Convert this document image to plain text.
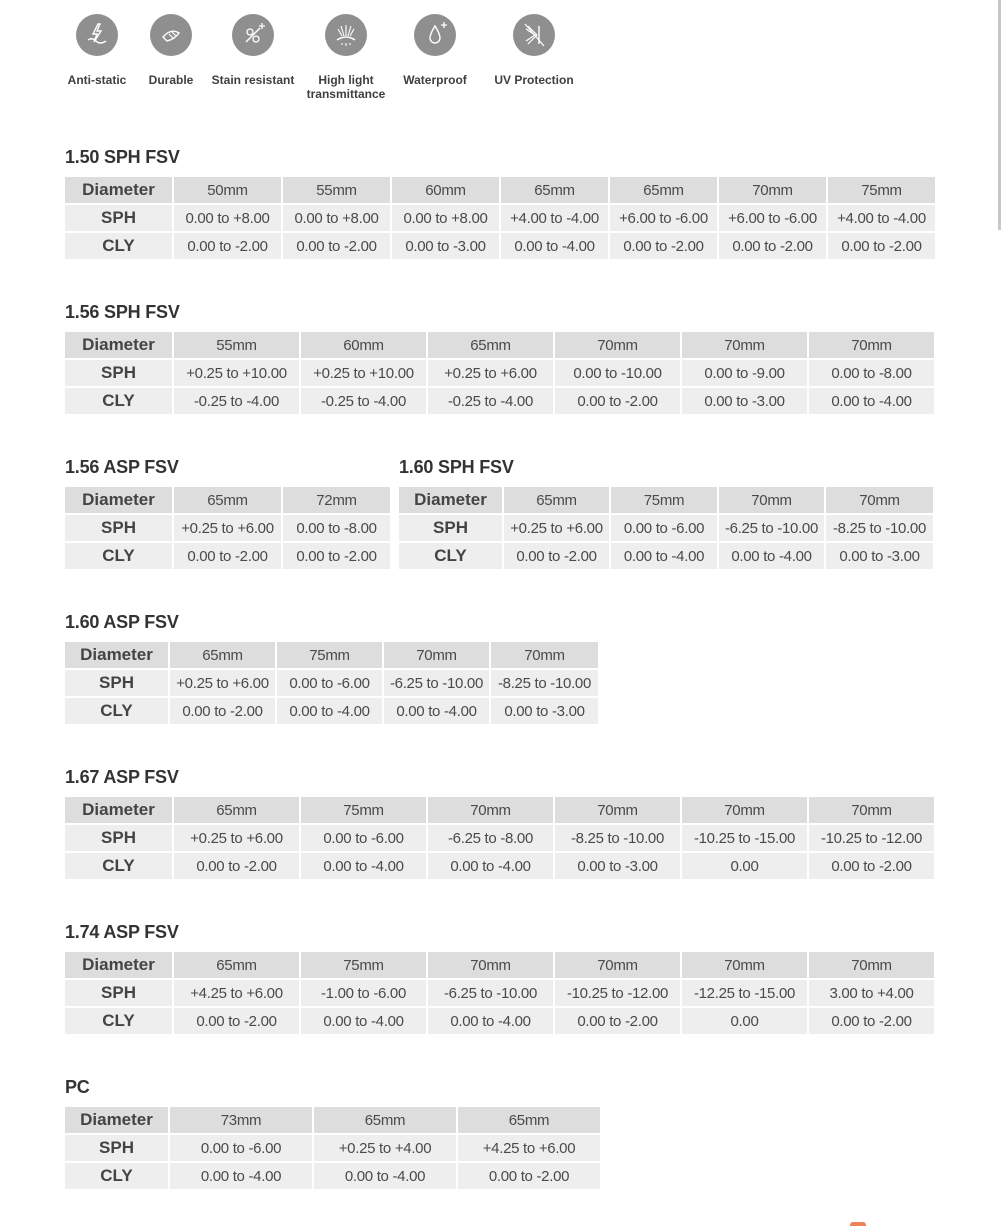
Anti-static	Durable	Stain resistant	High light transmittance
Waterproof	UV Protection
1.50 SPH FSV
Diameter	50mm	55mm	60mm	65mm	65mm	70mm	75mm
SPH	0.00 to +8.00	0.00 to +8.00	0.00 to +8.00	+4.00 to -4.00	+6.00 to -6.00	+6.00 to -6.00	+4.00 to -4.00
CLY	0.00 to -2.00	0.00 to -2.00	0.00 to -3.00	0.00 to -4.00	0.00 to -2.00	0.00 to -2.00	0.00 to -2.00
1.56 SPH FSV
Diameter	55mm	60mm	65mm	70mm	70mm	70mm
SPH	+0.25 to +10.00	+0.25 to +10.00	+0.25 to +6.00	0.00 to -10.00	0.00 to -9.00	0.00 to -8.00
CLY	-0.25 to -4.00	-0.25 to -4.00	-0.25 to -4.00	0.00 to -2.00	0.00 to -3.00	0.00 to -4.00
1.56 ASP FSV
Diameter	65mm	72mm
SPH	+0.25 to +6.00	0.00 to -8.00
CLY	0.00 to -2.00	0.00 to -2.00
1.60 SPH FSV
Diameter	65mm	75mm	70mm	70mm
SPH	+0.25 to +6.00	0.00 to -6.00	-6.25 to -10.00	-8.25 to -10.00
CLY	0.00 to -2.00	0.00 to -4.00	0.00 to -4.00	0.00 to -3.00
1.60 ASP FSV
Diameter	65mm	75mm	70mm	70mm
SPH	+0.25 to +6.00	0.00 to -6.00	-6.25 to -10.00	-8.25 to -10.00
CLY	0.00 to -2.00	0.00 to -4.00	0.00 to -4.00	0.00 to -3.00
1.67 ASP FSV
Diameter	65mm	75mm	70mm	70mm	70mm	70mm
SPH	+0.25 to +6.00	0.00 to -6.00	-6.25 to -8.00	-8.25 to -10.00	-10.25 to -15.00	-10.25 to -12.00
CLY	0.00 to -2.00	0.00 to -4.00	0.00 to -4.00	0.00 to -3.00	0.00	0.00 to -2.00
1.74 ASP FSV
Diameter	65mm	75mm	70mm	70mm	70mm	70mm
SPH	+4.25 to +6.00	-1.00 to -6.00	-6.25 to -10.00	-10.25 to -12.00	-12.25 to -15.00	3.00 to +4.00
CLY	0.00 to -2.00	0.00 to -4.00	0.00 to -4.00	0.00 to -2.00	0.00	0.00 to -2.00
PC
Diameter	73mm	65mm	65mm
SPH	0.00 to -6.00	+0.25 to +4.00	+4.25 to +6.00
CLY	0.00 to -4.00	0.00 to -4.00	0.00 to -2.00
